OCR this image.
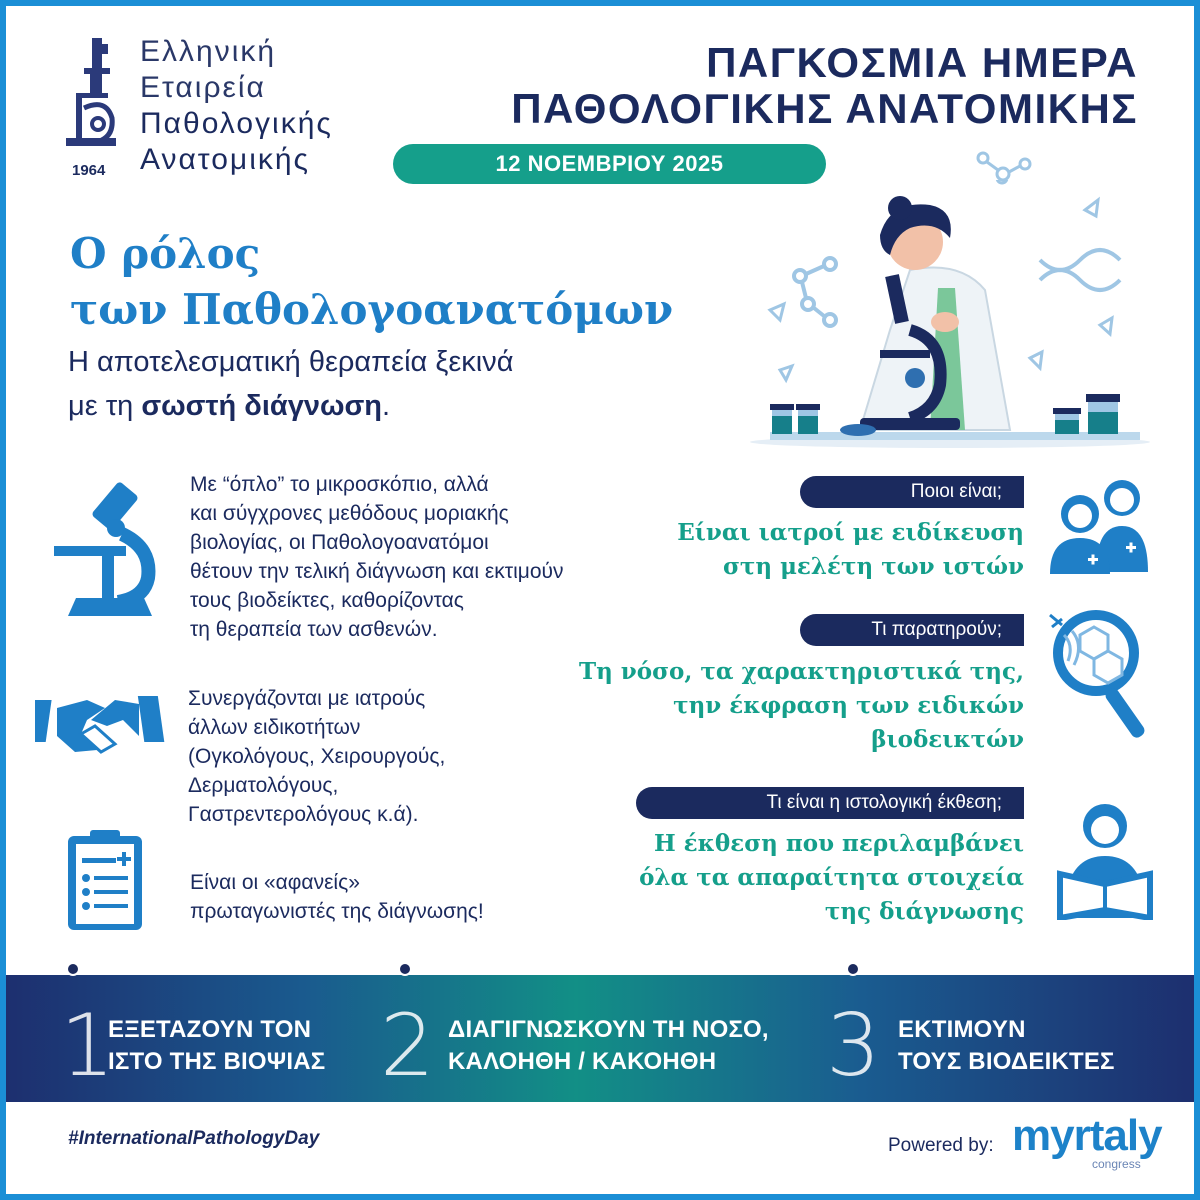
1964
Ελληνική
Εταιρεία
Παθολογικής
Ανατομικής
ΠΑΓΚΟΣΜΙΑ ΗΜΕΡΑ
ΠΑΘΟΛΟΓΙΚΗΣ ΑΝΑΤΟΜΙΚΗΣ
12 ΝΟΕΜΒΡΙΟΥ 2025
Ο ρόλος
των Παθολογοανατόμων
Η αποτελεσματική θεραπεία ξεκινά
με τη σωστή διάγνωση.
Με “όπλο” το μικροσκόπιο, αλλά
και σύγχρονες μεθόδους μοριακής
βιολογίας, οι Παθολογοανατόμοι
θέτουν την τελική διάγνωση και εκτιμούν
τους βιοδείκτες, καθορίζοντας
τη θεραπεία των ασθενών.
Συνεργάζονται με ιατρούς
άλλων ειδικοτήτων
(Ογκολόγους, Χειρουργούς,
Δερματολόγους,
Γαστρεντερολόγους κ.ά).
Είναι οι «αφανείς»
πρωταγωνιστές της διάγνωσης!
Ποιοι είναι;
Είναι ιατροί με ειδίκευση
στη μελέτη των ιστών
Τι παρατηρούν;
Τη νόσο, τα χαρακτηριστικά της,
την έκφραση των ειδικών
βιοδεικτών
Τι είναι η ιστολογική έκθεση;
Η έκθεση που περιλαμβάνει
όλα τα απαραίτητα στοιχεία
της διάγνωσης
1
ΕΞΕΤΑΖΟΥΝ ΤΟΝ
ΙΣΤΟ ΤΗΣ ΒΙΟΨΙΑΣ 2 ΔΙΑΓΙΓΝΩΣΚΟΥΝ ΤΗ ΝΟΣΟ,
ΚΑΛΟΗΘΗ / ΚΑΚΟΗΘΗ	3 ΕΚΤΙΜΟΥΝ
ΤΟΥΣ ΒΙΟΔΕΙΚΤΕΣ
#InternationalPathologyDay	Powered by: myrtaly
congress
